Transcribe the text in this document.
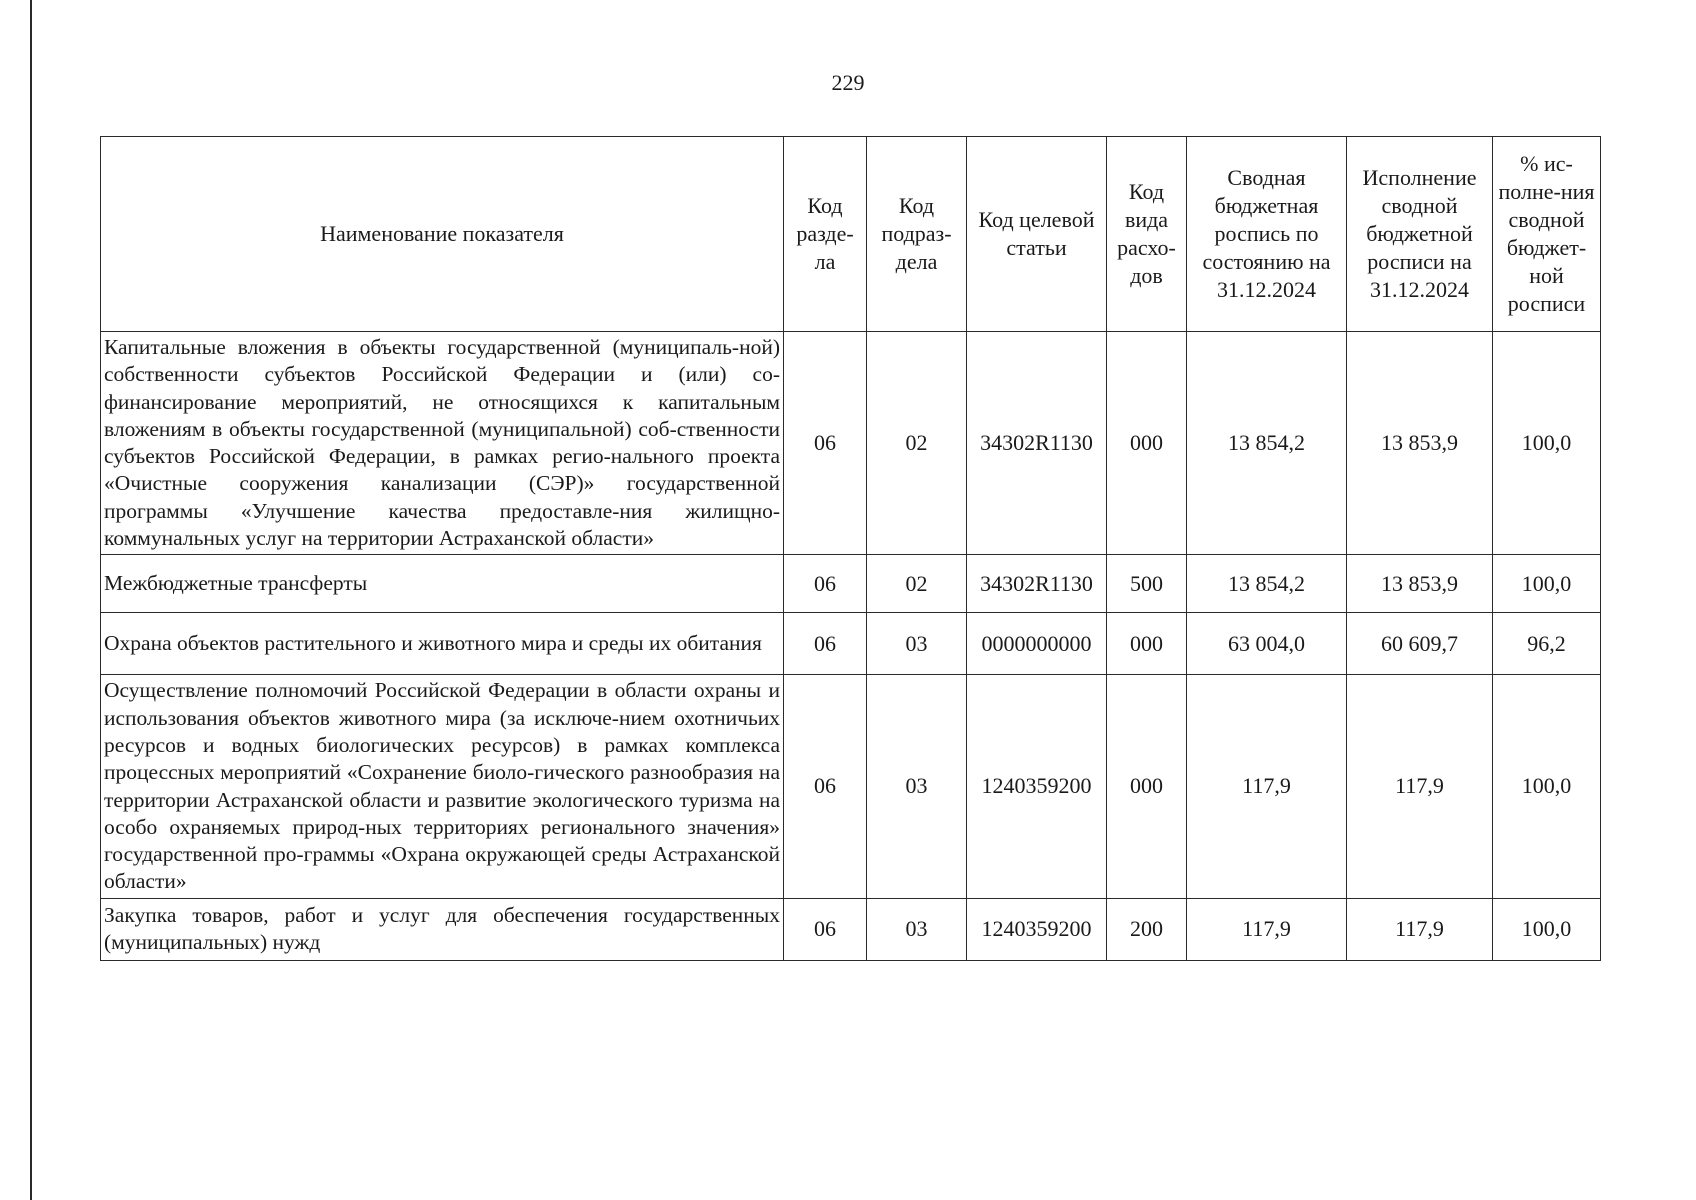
229
Наименование показателя	Код разде-ла	Код подраз-дела	Код целевой статьи	Код вида расхо-дов	Сводная бюджетная роспись по состоянию на 31.12.2024	Исполнение сводной бюджетной росписи на 31.12.2024	% ис-полне-ния сводной бюджет-ной росписи
Капитальные вложения в объекты государственной (муниципаль-ной) собственности субъектов Российской Федерации и (или) со-финансирование мероприятий, не относящихся к капитальным вложениям в объекты государственной (муниципальной) соб-ственности субъектов Российской Федерации, в рамках регио-нального проекта «Очистные сооружения канализации (СЭР)» государственной программы «Улучшение качества предоставле-ния жилищно-коммунальных услуг на территории Астраханской области»	06	02	34302R1130	000	13 854,2	13 853,9	100,0
Межбюджетные трансферты	06	02	34302R1130	500	13 854,2	13 853,9	100,0
Охрана объектов растительного и животного мира и среды их обитания	06	03	0000000000	000	63 004,0	60 609,7	96,2
Осуществление полномочий Российской Федерации в области охраны и использования объектов животного мира (за исключе-нием охотничьих ресурсов и водных биологических ресурсов) в рамках комплекса процессных мероприятий «Сохранение биоло-гического разнообразия на территории Астраханской области и развитие экологического туризма на особо охраняемых природ-ных территориях регионального значения» государственной про-граммы «Охрана окружающей среды Астраханской области»	06	03	1240359200	000	117,9	117,9	100,0
Закупка товаров, работ и услуг для обеспечения государственных (муниципальных) нужд	06	03	1240359200	200	117,9	117,9	100,0
